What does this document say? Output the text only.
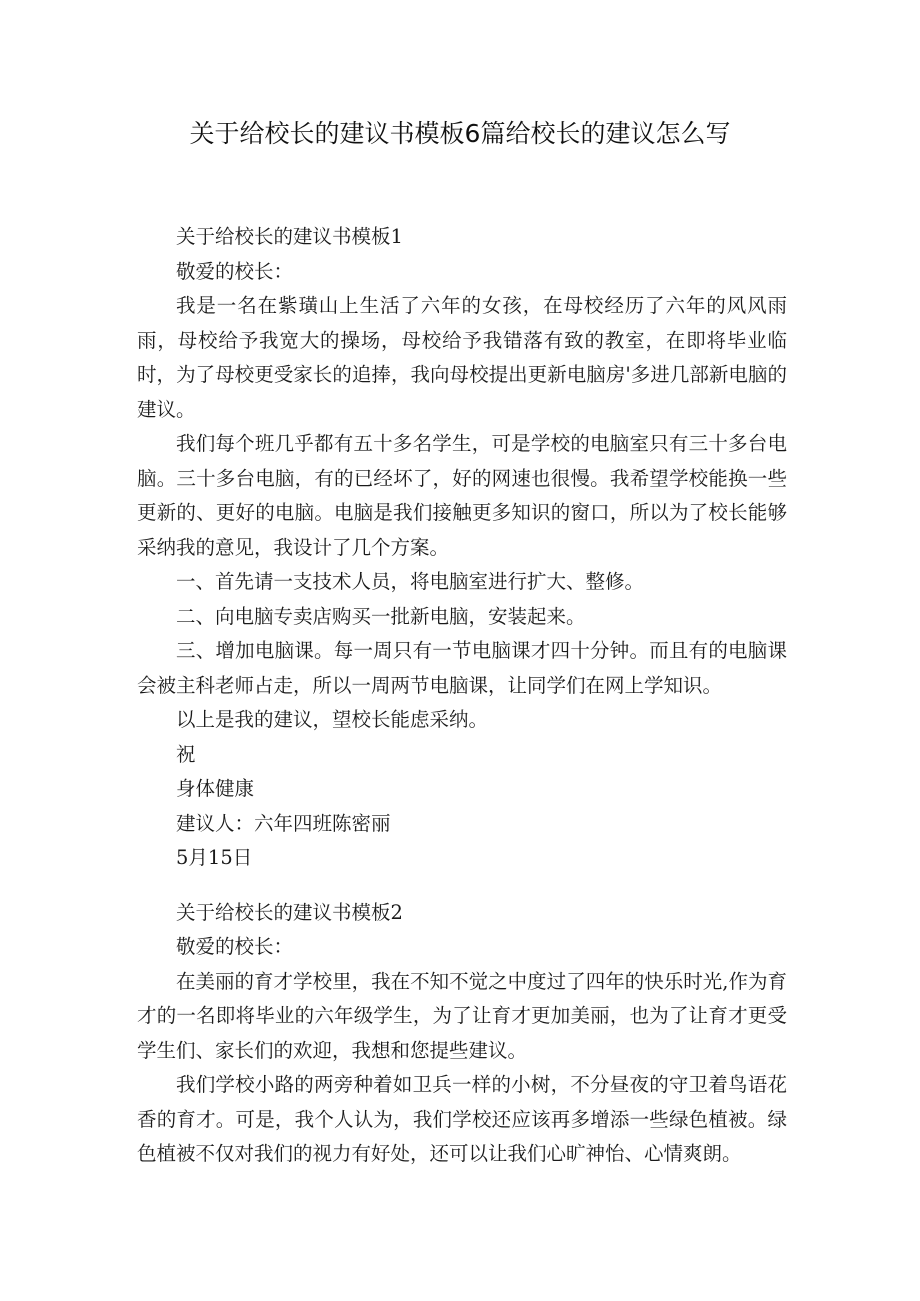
关于给校长的建议书模板6篇给校长的建议怎么写

关于给校长的建议书模板1

敬爱的校长：

我是一名在紫璜山上生活了六年的女孩，在母校经历了六年的风风雨雨，母校给予我宽大的操场，母校给予我错落有致的教室，在即将毕业临时，为了母校更受家长的追捧，我向母校提出更新电脑房'多进几部新电脑的建议。

我们每个班几乎都有五十多名学生，可是学校的电脑室只有三十多台电脑。三十多台电脑，有的已经坏了，好的网速也很慢。我希望学校能换一些更新的、更好的电脑。电脑是我们接触更多知识的窗口，所以为了校长能够采纳我的意见，我设计了几个方案。

一、首先请一支技术人员，将电脑室进行扩大、整修。

二、向电脑专卖店购买一批新电脑，安装起来。

三、增加电脑课。每一周只有一节电脑课才四十分钟。而且有的电脑课会被主科老师占走，所以一周两节电脑课，让同学们在网上学知识。

以上是我的建议，望校长能虑采纳。

祝

身体健康

建议人：六年四班陈密丽

5月15日

关于给校长的建议书模板2

敬爱的校长：

在美丽的育才学校里，我在不知不觉之中度过了四年的快乐时光,作为育才的一名即将毕业的六年级学生，为了让育才更加美丽，也为了让育才更受学生们、家长们的欢迎，我想和您提些建议。

我们学校小路的两旁种着如卫兵一样的小树，不分昼夜的守卫着鸟语花香的育才。可是，我个人认为，我们学校还应该再多增添一些绿色植被。绿色植被不仅对我们的视力有好处，还可以让我们心旷神怡、心情爽朗。
